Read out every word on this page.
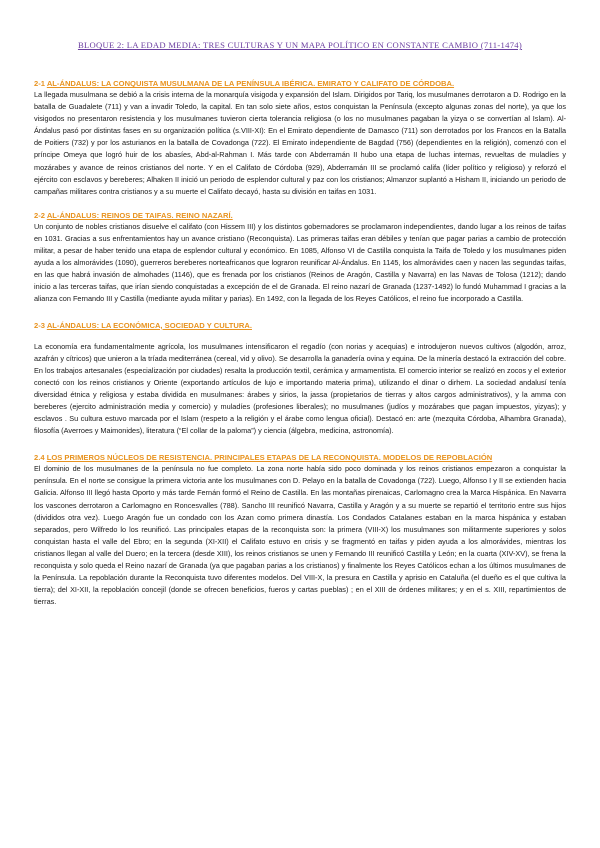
BLOQUE 2: LA EDAD MEDIA: TRES CULTURAS Y UN MAPA POLÍTICO EN CONSTANTE CAMBIO (711-1474)
2-1 AL-ÁNDALUS: LA CONQUISTA MUSULMANA DE LA PENÍNSULA IBÉRICA. EMIRATO Y CALIFATO DE CÓRDOBA.

La llegada musulmana se debió a la crisis interna de la monarquía visigoda y expansión del Islam. Dirigidos por Tariq, los musulmanes derrotaron a D. Rodrigo en la batalla de Guadalete (711) y van a invadir Toledo, la capital. En tan solo siete años, estos conquistan la Península (excepto algunas zonas del norte), ya que los visigodos no presentaron resistencia y los musulmanes tuvieron cierta tolerancia religiosa (o los no musulmanes pagaban la yizya o se convertían al Islam). Al-Ándalus pasó por distintas fases en su organización política (s.VIII-XI): En el Emirato dependiente de Damasco (711) son derrotados por los Francos en la Batalla de Poitiers (732) y por los asturianos en la batalla de Covadonga (722). El Emirato independiente de Bagdad (756) (dependientes en la religión), comenzó con el príncipe Omeya que logró huir de los abasíes, Abd-al-Rahman I. Más tarde con Abderramán II hubo una etapa de luchas internas, revueltas de muladíes y mozárabes y avance de reinos cristianos del norte. Y en el Califato de Córdoba (929), Abderramán III se proclamó califa (líder político y religioso) y reforzó el ejército con esclavos y bereberes; Alhaken II inició un periodo de esplendor cultural y paz con los cristianos; Almanzor suplantó a Hisham II, iniciando un periodo de campañas militares contra cristianos y a su muerte el Califato decayó, hasta su división en taifas en 1031.

2-2 AL-ÁNDALUS: REINOS DE TAIFAS. REINO NAZARÍ.

Un conjunto de nobles cristianos disuelve el califato (con Hissem III) y los distintos gobernadores se proclamaron independientes, dando lugar a los reinos de taifas en 1031. Gracias a sus enfrentamientos hay un avance cristiano (Reconquista). Las primeras taifas eran débiles y tenían que pagar parias a cambio de protección militar, a pesar de haber tenido una etapa de esplendor cultural y económico. En 1085, Alfonso VI de Castilla conquista la Taifa de Toledo y los musulmanes piden ayuda a los almorávides (1090), guerreros bereberes norteafricanos que lograron reunificar Al-Ándalus. En 1145, los almorávides caen y nacen las segundas taifas, en las que habrá invasión de almohades (1146), que es frenada por los cristianos (Reinos de Aragón, Castilla y Navarra) en las Navas de Tolosa (1212); dando inicio a las terceras taifas, que irían siendo conquistadas a excepción de el de Granada. El reino nazarí de Granada (1237-1492) lo fundó Muhammad I gracias a la alianza con Fernando III y Castilla (mediante ayuda militar y parias). En 1492, con la llegada de los Reyes Católicos, el reino fue incorporado a Castilla.

2-3 AL-ÁNDALUS: LA ECONÓMICA, SOCIEDAD Y CULTURA.

La economía era fundamentalmente agrícola, los musulmanes intensificaron el regadío (con norias y acequias) e introdujeron nuevos cultivos (algodón, arroz, azafrán y cítricos) que unieron a la tríada mediterránea (cereal, vid y olivo). Se desarrolla la ganadería ovina y equina. De la minería destacó la extracción del cobre. En los trabajos artesanales (especialización por ciudades) resalta la producción textil, cerámica y armamentista. El comercio interior se realizó en zocos y el exterior conectó con los reinos cristianos y Oriente (exportando artículos de lujo e importando materia prima), utilizando el dinar o dirhem. La sociedad andalusí tenía diversidad étnica y religiosa y estaba dividida en musulmanes: árabes y sirios, la jassa (propietarios de tierras y altos cargos administrativos), y la amma con bereberes (ejercito administración media y comercio) y muladíes (profesiones liberales); no musulmanes (judíos y mozárabes que pagan impuestos, yizyas); y esclavos . Su cultura estuvo marcada por el Islam (respeto a la religión y el árabe como lengua oficial). Destacó en: arte (mezquita Córdoba, Alhambra Granada), filosofía (Averroes y Maimonides), literatura (“El collar de la paloma”) y ciencia (álgebra, medicina, astronomía).

2.4 LOS PRIMEROS NÚCLEOS DE RESISTENCIA. PRINCIPALES ETAPAS DE LA RECONQUISTA. MODELOS DE REPOBLACIÓN

El dominio de los musulmanes de la península no fue completo. La zona norte había sido poco dominada y los reinos cristianos empezaron a conquistar la península. En el norte se consigue la primera victoria ante los musulmanes con D. Pelayo en la batalla de Covadonga (722). Luego, Alfonso I y II se extienden hacia Galicia. Alfonso III llegó hasta Oporto y más tarde Fernán formó el Reino de Castilla. En las montañas pirenaicas, Carlomagno crea la Marca Hispánica. En Navarra los vascones derrotaron a Carlomagno en Roncesvalles (788). Sancho III reunificó Navarra, Castilla y Aragón y a su muerte se repartió el territorio entre sus hijos (divididos otra vez). Luego Aragón fue un condado con los Azan como primera dinastía. Los Condados Catalanes estaban en la marca hispánica y estaban separados, pero Wilfredo lo los reunificó. Las principales etapas de la reconquista son: la primera (VIII-X) los musulmanes son militarmente superiores y solos conquistan hasta el valle del Ebro; en la segunda (XI-XII) el Califato estuvo en crisis y se fragmentó en taifas y piden ayuda a los almorávides, mientras los cristianos llegan al valle del Duero; en la tercera (desde XIII), los reinos cristianos se unen y Fernando III reunificó Castilla y León; en la cuarta (XIV-XV), se frena la reconquista y solo queda el Reino nazarí de Granada (ya que pagaban parias a los cristianos) y finalmente los Reyes Católicos echan a los últimos musulmanes de la Península. La repoblación durante la Reconquista tuvo diferentes modelos. Del VIII-X, la presura en Castilla y aprisio en Cataluña (el dueño es el que cultiva la tierra); del XI-XII, la repoblación concejil (donde se ofrecen beneficios, fueros y cartas pueblas) ; en el XIII de órdenes militares; y en el s. XIII, repartimientos de tierras.
